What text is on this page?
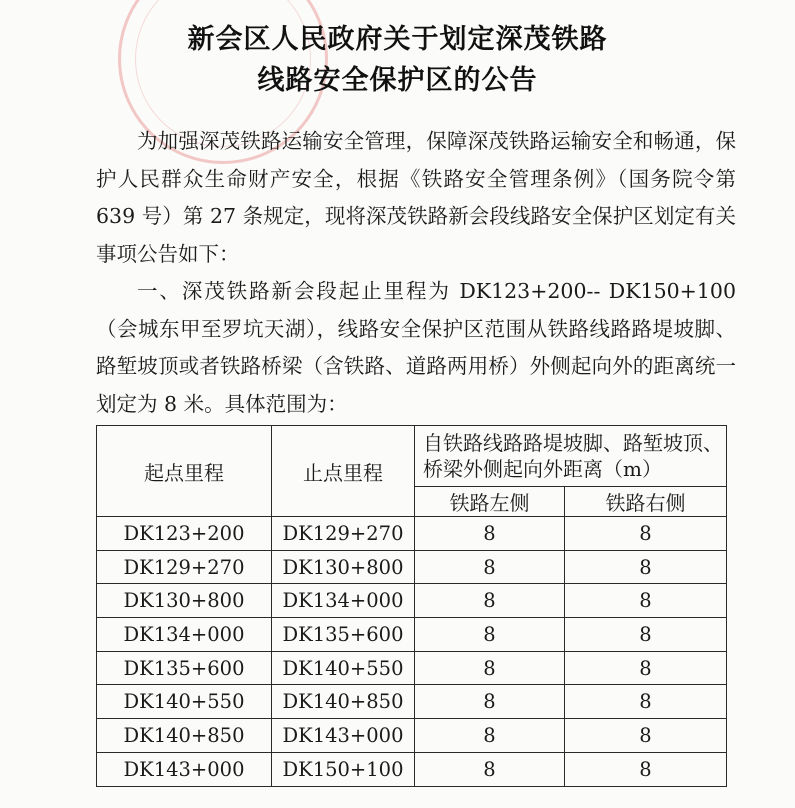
新会区人民政府关于划定深茂铁路
线路安全保护区的公告

为加强深茂铁路运输安全管理，保障深茂铁路运输安全和畅通，保护人民群众生命财产安全，根据《铁路安全管理条例》（国务院令第 639 号）第 27 条规定，现将深茂铁路新会段线路安全保护区划定有关事项公告如下：

一、深茂铁路新会段起止里程为 DK123+200-- DK150+100（会城东甲至罗坑天湖），线路安全保护区范围从铁路线路路堤坡脚、路堑坡顶或者铁路桥梁（含铁路、道路两用桥）外侧起向外的距离统一划定为 8 米。具体范围为：

起点里程	止点里程	自铁路线路路堤坡脚、路堑坡顶、桥梁外侧起向外距离（m）	
		铁路左侧	铁路右侧
DK123+200	DK129+270	8	8
DK129+270	DK130+800	8	8
DK130+800	DK134+000	8	8
DK134+000	DK135+600	8	8
DK135+600	DK140+550	8	8
DK140+550	DK140+850	8	8
DK140+850	DK143+000	8	8
DK143+000	DK150+100	8	8
